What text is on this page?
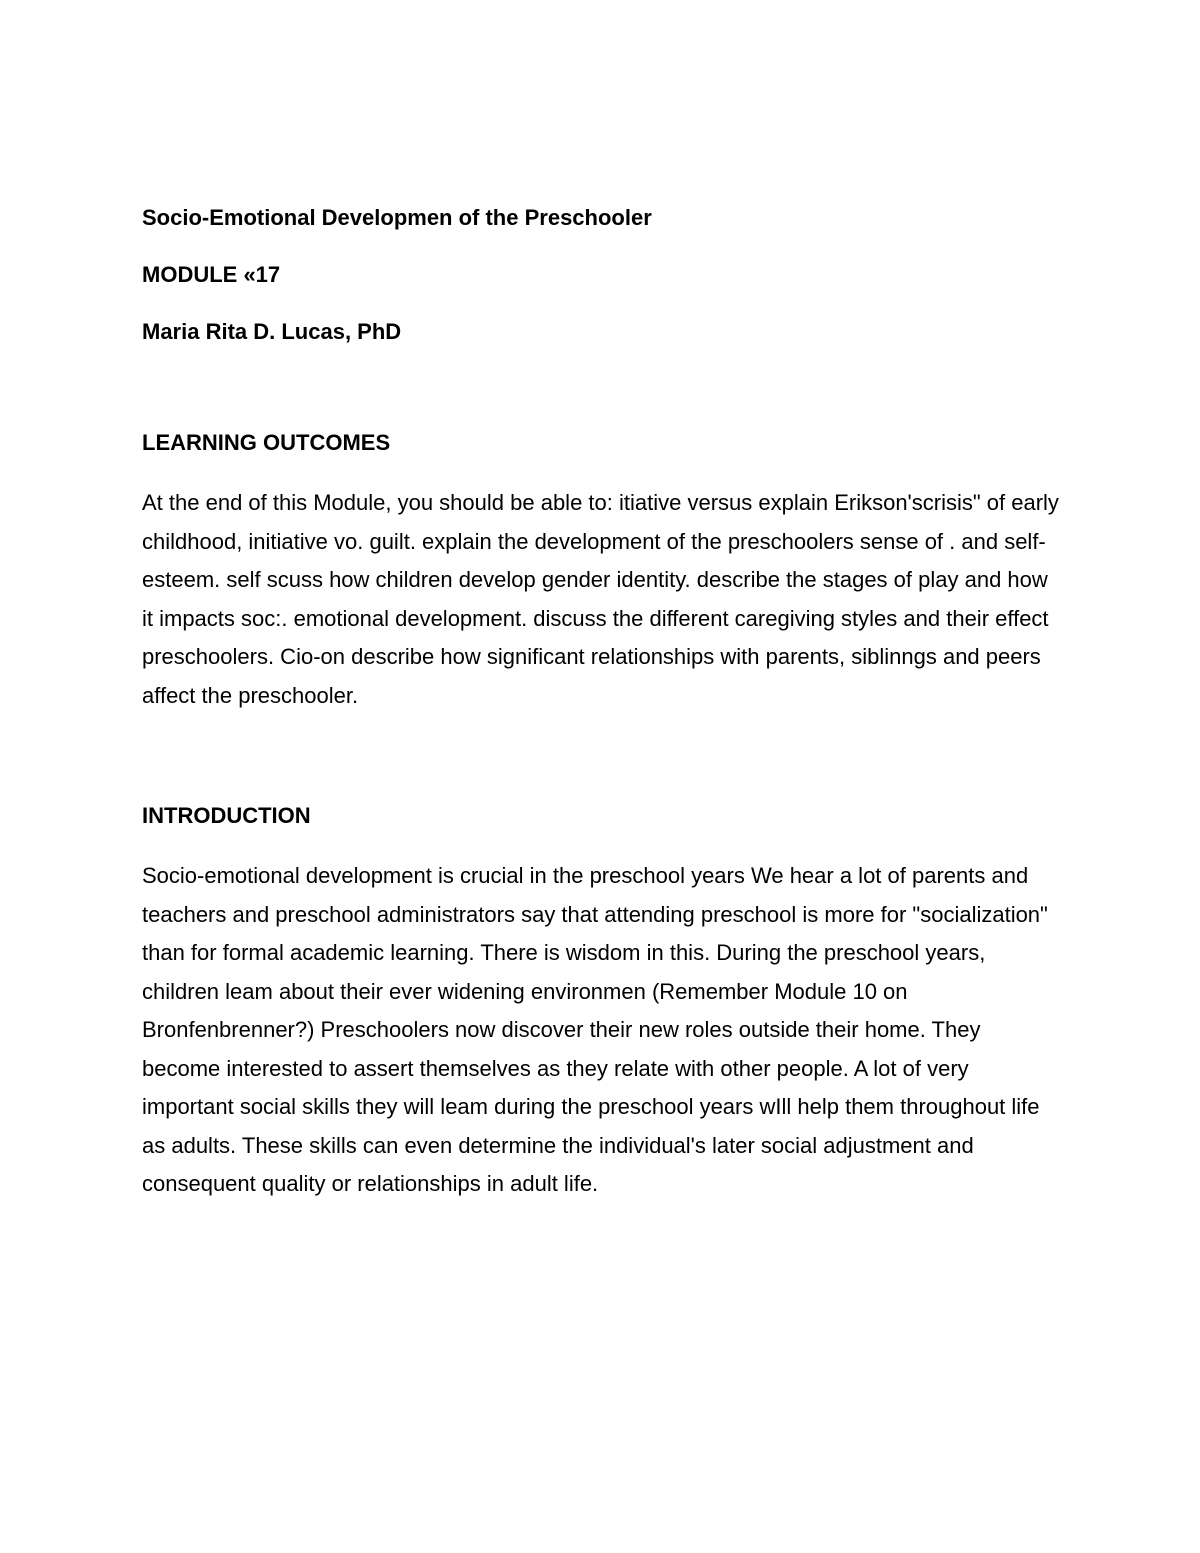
Socio-Emotional Developmen of the Preschooler

MODULE «17

Maria Rita D. Lucas, PhD

LEARNING OUTCOMES

At the end of this Module, you should be able to: itiative versus explain Erikson'scrisis" of early childhood, initiative vo. guilt. explain the development of the preschoolers sense of . and self-esteem. self scuss how children develop gender identity. describe the stages of play and how it impacts soc:. emotional development. discuss the different caregiving styles and their effect preschoolers. Cio-on describe how significant relationships with parents, siblinngs and peers affect the preschooler.

INTRODUCTION

Socio-emotional development is crucial in the preschool years We hear a lot of parents and teachers and preschool administrators say that attending preschool is more for "socialization" than for formal academic learning. There is wisdom in this. During the preschool years, children leam about their ever widening environmen (Remember Module 10 on Bronfenbrenner?) Preschoolers now discover their new roles outside their home. They become interested to assert themselves as they relate with other people. A lot of very important social skills they will leam during the preschool years wIll help them throughout life as adults. These skills can even determine the individual's later social adjustment and consequent quality or relationships in adult life.
